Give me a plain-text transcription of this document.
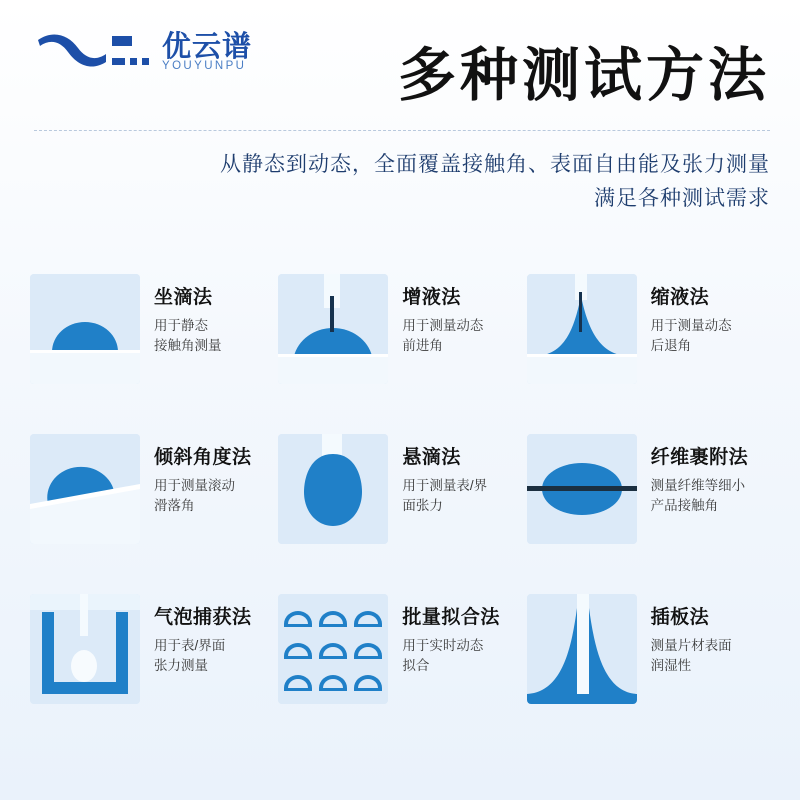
优云谱
YOUYUNPU	多种测试方法
从静态到动态，全面覆盖接触角、表面自由能及张力测量
满足各种测试需求
坐滴法
用于静态
接触角测量
增液法
用于测量动态
前进角
缩液法
用于测量动态
后退角
倾斜角度法
用于测量滚动
滑落角
悬滴法
用于测量表/界
面张力
纤维裹附法
测量纤维等细小
产品接触角
气泡捕获法
用于表/界面
张力测量
批量拟合法
用于实时动态
拟合
插板法
测量片材表面
润湿性
